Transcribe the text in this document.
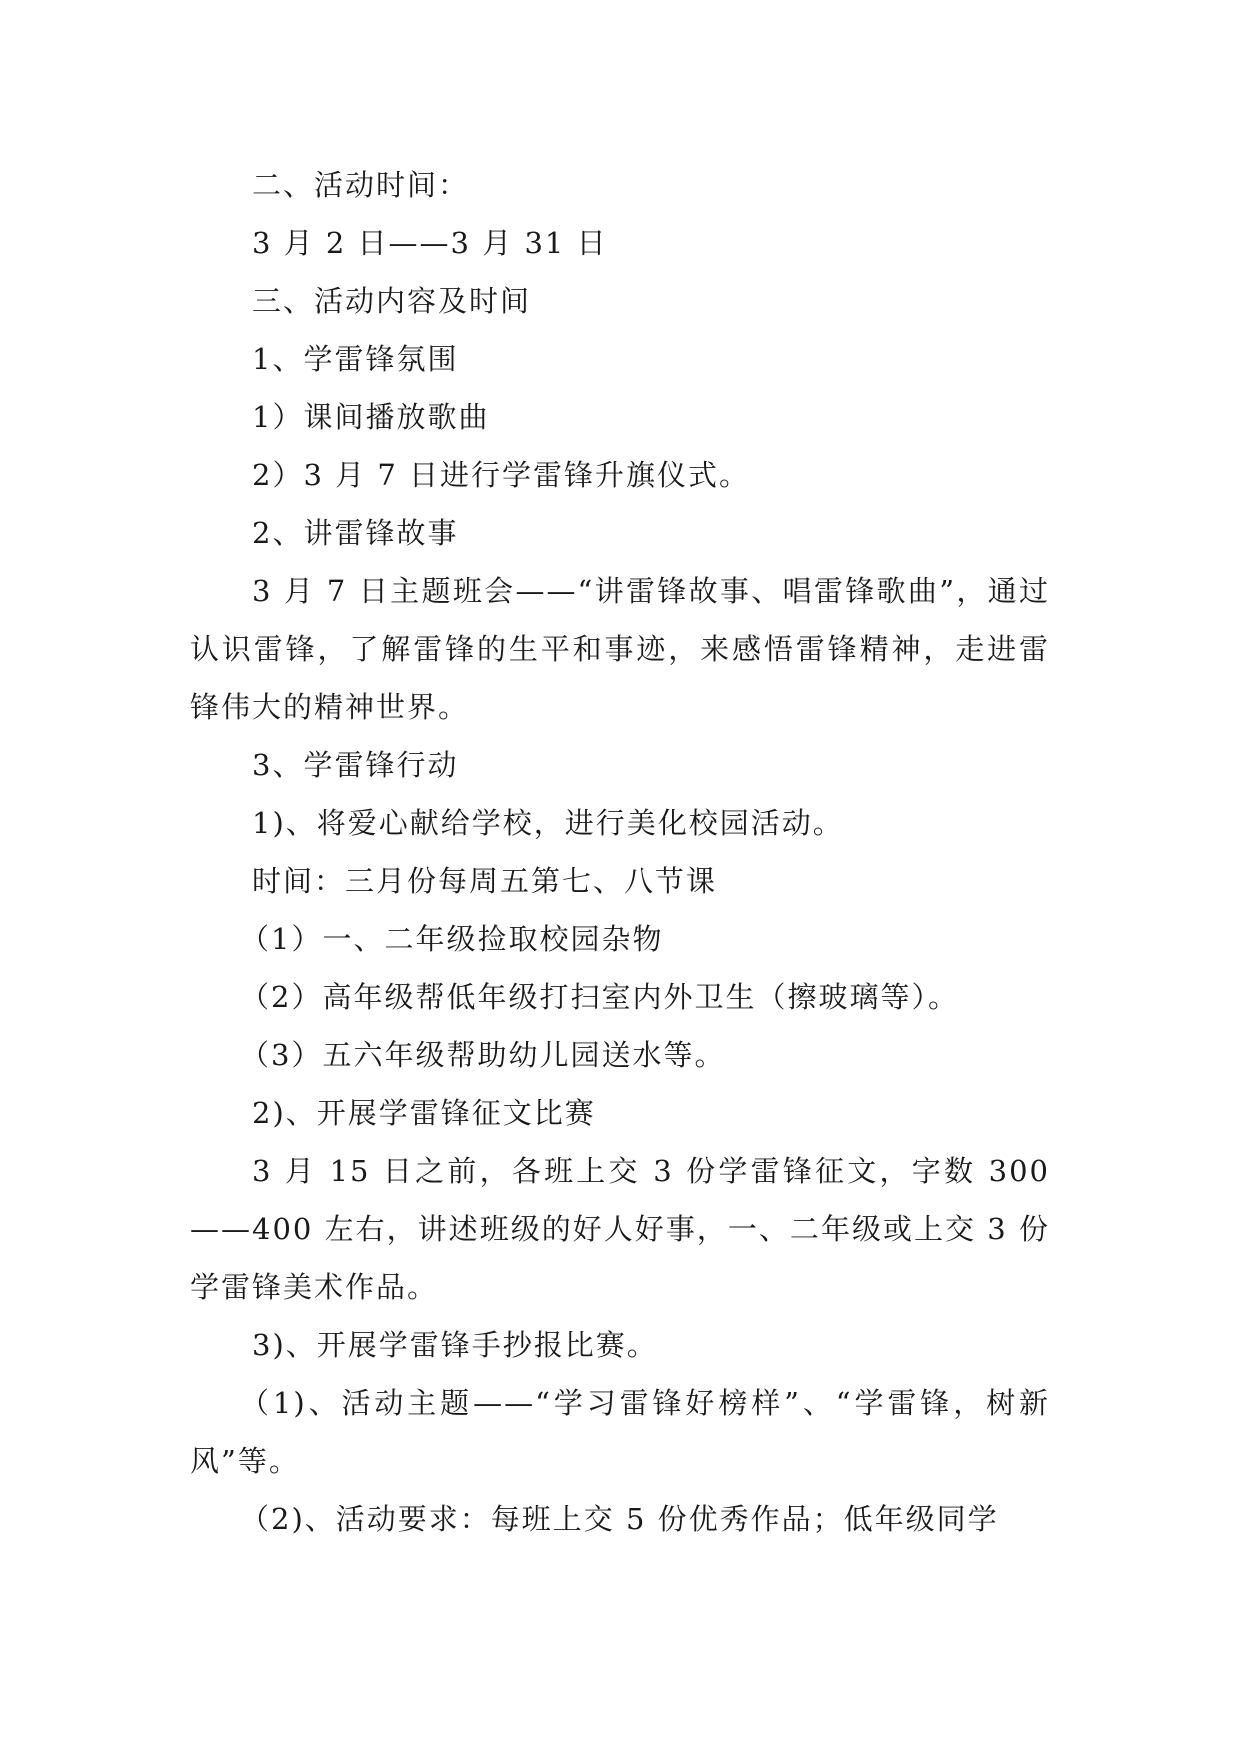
二、活动时间：

3 月 2 日——3 月 31 日

三、活动内容及时间

1、学雷锋氛围

1）课间播放歌曲

2）3 月 7 日进行学雷锋升旗仪式。

2、讲雷锋故事

3 月 7 日主题班会——“讲雷锋故事、唱雷锋歌曲”，通过认识雷锋，了解雷锋的生平和事迹，来感悟雷锋精神，走进雷锋伟大的精神世界。

3、学雷锋行动

1)、将爱心献给学校，进行美化校园活动。

时间：三月份每周五第七、八节课

（1）一、二年级捡取校园杂物

（2）高年级帮低年级打扫室内外卫生（擦玻璃等）。

（3）五六年级帮助幼儿园送水等。

2)、开展学雷锋征文比赛

3 月 15 日之前，各班上交 3 份学雷锋征文，字数 300——400 左右，讲述班级的好人好事，一、二年级或上交 3 份学雷锋美术作品。

3)、开展学雷锋手抄报比赛。

（1)、活动主题——“学习雷锋好榜样”、“学雷锋，树新风”等。

（2)、活动要求：每班上交 5 份优秀作品；低年级同学
